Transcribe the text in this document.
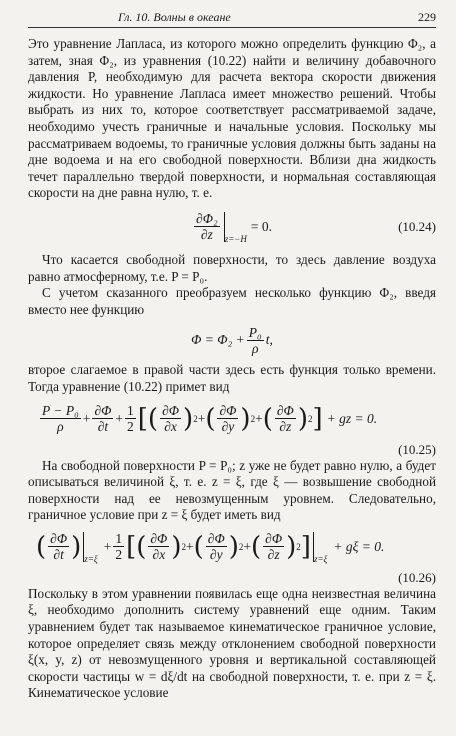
Гл. 10. Волны в океане	229

Это уравнение Лапласа, из которого можно определить функцию Φ₂, а затем, зная Φ₂, из уравнения (10.22) найти и величину добавочного давления P, необходимую для расчета вектора скорости движения жидкости. Но уравнение Лапласа имеет множество решений. Чтобы выбрать из них то, которое соответствует рассматриваемой задаче, необходимо учесть граничные и начальные условия. Поскольку мы рассматриваем водоемы, то граничные условия должны быть заданы на дне водоема и на его свободной поверхности. Вблизи дна жидкость течет параллельно твердой поверхности, и нормальная составляющая скорости на дне равна нулю, т. е.

$\frac{\text{∂Φ₂}}{\partial z} z=-H$
= 0.	(10.24)

Что касается свободной поверхности, то здесь давление воздуха равно атмосферному, т.е. P = P₀.

С учетом сказанного преобразуем несколько функцию Φ₂, введя вместо нее функцию

$\Phi = \Phi_2 + \frac{\text{P₀}}{\rho} t$,

второе слагаемое в правой части здесь есть функция только времени. Тогда уравнение (10.22) примет вид

$\frac{\text{P − P₀}}{\rho} + \frac{\partial\Phi}{\partial t} + \frac{1}{2}$ [ ( $\frac{\partial\Phi}{\partial x}$ ) 2 + ( $\frac{\partial\Phi}{\partial y}$ ) 2 + ( $\frac{\partial\Phi}{\partial z}$ ) 2 ] + gz = 0.
(10.25)

На свободной поверхности P = P₀; z уже не будет равно нулю, а будет описываться величиной ξ, т. е. z = ξ, где ξ — возвышение свободной поверхности над ее невозмущенным уровнем. Следовательно, граничное условие при z = ξ будет иметь вид

( $\frac{\partial\Phi}{\partial t}$ ) z=ξ
+ $\frac{1}{2}$ [ ( $\frac{\partial\Phi}{\partial x}$ ) 2 + ( $\frac{\partial\Phi}{\partial y}$ ) 2 + ( $\frac{\partial\Phi}{\partial z}$ ) 2 ] z=ξ
+ gξ = 0.
(10.26)

Поскольку в этом уравнении появилась еще одна неизвестная величина ξ, необходимо дополнить систему уравнений еще одним. Таким уравнением будет так называемое кинематическое граничное условие, которое определяет связь между отклонением свободной поверхности ξ(x, y, z) от невозмущенного уровня и вертикальной составляющей скорости частицы w = dξ/dt на свободной поверхности, т. е. при z = ξ. Кинематическое условие
